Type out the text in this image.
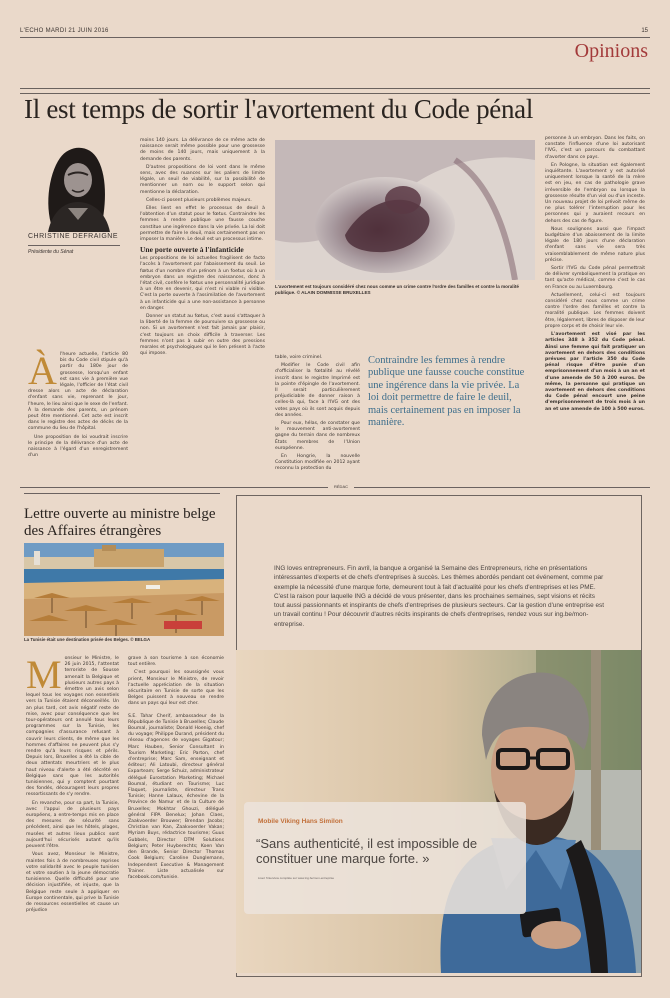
L'ECHO MARDI 21 JUIN 2016	15
Opinions
Il est temps de sortir l'avortement du Code pénal
CHRISTINE DEFRAIGNE
Présidente du Sénat
À l'heure actuelle, l'article 80 bis du Code civil stipule qu'à partir du 180e jour de grossesse, lorsqu'un enfant est sans vie à première vue légale, l'officier de l'état civil dresse alors un acte de déclaration d'enfant sans vie, reprenant le jour, l'heure, le lieu ainsi que le sexe de l'enfant. À la demande des parents, un prénom peut être mentionné. Cet acte est inscrit dans le registre des actes de décès de la commune du lieu de l'hôpital.

Une proposition de loi voudrait inscrire le principe de la délivrance d'un acte de naissance à l'égard d'un enregistrement d'un

moins 140 jours. La délivrance de ce même acte de naissance serait même possible pour une grossesse de moins de 140 jours, mais uniquement à la demande des parents.

D'autres propositions de loi vont dans le même sens, avec des nuances sur les paliers de limite légale, un seuil de viabilité, sur la possibilité de mentionner un nom ou le support selon qui mentionne la déclaration.

Celles-ci posent plusieurs problèmes majeurs.

Elles lient en effet le processus de deuil à l'obtention d'un statut pour le fœtus. Contraindre les femmes à rendre publique une fausse couche constitue une ingérence dans la vie privée. La loi doit permettre de faire le deuil, mais certainement pas en imposer la manière. Le deuil est un processus intime.

Une porte ouverte à l'infanticide

Les propositions de loi actuelles fragilisent de facto l'accès à l'avortement par l'abaissement du seuil. Le fœtus d'un nombre d'un prénom à un foetus où à un embryon dans un registre des naissances, donc à l'état civil, confère le fœtus une personnalité juridique à un être en devenir, qui n'est ni viable ni visible. C'est la porte ouverte à l'assimilation de l'avortement à un infanticide qui a une non-assistance à personne en danger.

Donner un statut au fœtus, c'est aussi s'attaquer à la liberté de la femme de poursuivre sa grossesse ou non. Si un avortement n'est fait jamais par plaisir, c'est toujours un choix difficile à traverser. Les femmes n'ont pas à subir en outre des pressions morales et psychologiques qui le lien présent à l'acte qui impose.

L'avortement est toujours considéré chez nous comme un crime contre l'ordre des familles et contre la moralité publique. © ALAIN DOMMISSE BRUXELLES

table, voire criminel.

Modifier le Code civil afin d'officialiser la fœtalité au révélé inscrit dans le registre Imprimé est la pointe d'épingle de l'avortement. Il serait particulièrement préjudiciable de donner raison à celles-là qui, face à l'IVG ont des votes pays où ils sont acquis depuis des années.

Pour eux, hélas, de constater que le mouvement anti-avortement gagne du terrain dans de nombreux États membres de l'Union européenne.

En Hongrie, la nouvelle Constitution modifiée en 2012 ayant reconnu la protection du

Contraindre les femmes à rendre publique une fausse couche constitue une ingérence dans la vie privée. La loi doit permettre de faire le deuil, mais certainement pas en imposer la manière.

personne à un embryon. Dans les faits, on constate l'influence d'une loi autorisant l'IVG, c'est un parcours du combattant d'avorter dans ce pays.

En Pologne, la situation est également inquiétante. L'avortement y est autorisé uniquement lorsque la santé de la mère est en jeu, en cas de pathologie grave irréversible de l'embryon ou lorsque la grossesse résulte d'un viol ou d'un inceste. Un nouveau projet de loi prévoit même de ne plus tolérer l'interruption pour les personnes qui y auraient recours en dehors des cas de figure.

Nous soulignons aussi que l'impact budgétaire d'un abaissement de la limite légale de 180 jours d'une déclaration d'enfant sans vie sera très vraisemblablement de même nature plus précise.

Sortir l'IVG du Code pénal permettrait de délivrer symboliquement la pratique en tant qu'acte médical, comme c'est le cas en France ou au Luxembourg.

Actuellement, celui-ci est toujours considéré chez nous comme un crime contre l'ordre des familles et contre la moralité publique. Les femmes doivent être, légalement, libres de disposer de leur propre corps et de choisir leur vie.

L'avortement est visé par les articles 348 à 352 du Code pénal. Ainsi une femme qui fait pratiquer un avortement en dehors des conditions prévues par l'article 350 du Code pénal risque d'être punie d'un emprisonnement d'un mois à un an et d'une amende de 50 à 200 euros. De même, la personne qui pratique un avortement en dehors des conditions du Code pénal encourt une peine d'emprisonnement de trois mois à un an et une amende de 100 à 500 euros.

RÉDAC
Lettre ouverte au ministre belge des Affaires étrangères
La Tunisie était une destination prisée des Belges. © BELGA
M onsieur le Ministre, le 26 juin 2015, l'attentat terroriste de Sousse amenait la Belgique et plusieurs autres pays à émettre un avis selon lequel tous les voyages non essentiels vers la Tunisie étaient déconseillés. Un an plus tard, cet avis négatif reste de mise, avec pour conséquence que les tour-opérateurs ont annulé tous leurs programmes sur la Tunisie, les compagnies d'assurance refusant à couvrir leurs clients, de même que les hommes d'affaires ne peuvent plus s'y rendre qu'à leurs risques et périls. Depuis lors, Bruxelles a été la cible de deux attentats meurtriers et le plus haut niveau d'alerte a été décrété en Belgique sans que les autorités tunisiennes, qui y comptent pourtant des fondés, découragent leurs propres ressortissants de s'y rendre.

En revanche, pour sa part, la Tunisie, avec l'appui de plusieurs pays européens, a entre-temps mis en place des mesures de sécurité sans précédent, ainsi que les hôtels, plages, musées et autres lieux publics sont aujourd'hui sécurisés autant qu'ils peuvent l'être.

Vous avez, Monsieur le Ministre, maintes fois à de nombreuses reprises votre solidarité avec le peuple tunisien et votre soutien à la jeune démocratie tunisienne. Quelle difficulté pour une décision injustifiée, et injuste, que la Belgique reste seule à appliquer en Europe continentale, qui prive la Tunisie de ressources essentielles et cause un préjudice

grave à son tourisme à son économie tout entière.

C'est pourquoi les soussignés vous prient, Monsieur le Ministre, de revoir l'actuelle appréciation de la situation sécuritaire en Tunisie de sorte que les Belges puissent à nouveau se rendre dans un pays qui leur est cher.

S.E. Tahar Cherif, ambassadeur de la République de Tunisie à Bruxelles; Claude Boumal, journaliste; Donald Hoenig, chef du voyage; Philippe Durand, président du réseau d'agences de voyages Gigatour; Marc Hauben, Senior Consultant in Tourism Marketing; Eric Parton, chef d'entreprise; Marc Sam, enseignant et éditeur; Ali Latoubi, directeur général Exparteam; Serge Schuiz, administrateur délégué Eurostation Marketing; Michael Boumal, étudiant en Tourisme; Luc Flaquet, journaliste, directeur Trans Tunisie; Hanne Lalaux, échevine de la Province de Namur et de la Culture de Bruxelles; Mokhtar Ghouzi, délégué général FIPA Benelux; Johan Claes, Zaakvoerder Brouwer; Brendan Jacobs; Christian van Kan, Zaakvoerder Vakan; Myriam Buys, rédactrice tourisme; Guus Gubbels, Director DTM Solutions Belgium; Peter Huyberechts; Koen Van den Brande, Senior Director Thomas Cook Belgium; Caroline Dunglemann, Independent Executive & Management Trainer. Liste actualisée sur facebook.com/tunisie.

ING loves entrepreneurs. Fin avril, la banque a organisé la Semaine des Entrepreneurs, riche en présentations intéressantes d'experts et de chefs d'entreprises à succès. Les thèmes abordés pendant cet événement, comme par exemple la nécessité d'une marque forte, demeurent tout à fait d'actualité pour les chefs d'entreprises et les PME. C'est la raison pour laquelle ING a décidé de vous présenter, dans les prochaines semaines, sept visions et récits tout aussi passionnants et inspirants de chefs d'entreprises de plusieurs secteurs. Car la gestion d'une entreprise est un travail continu ! Pour découvrir d'autres récits inspirants de chefs d'entreprises, rendez vous sur ing.be/mon-entreprise.
Mobile Viking Hans Similon
“Sans authenticité, il est impossible de constituer une marque forte. »
Lisez l'interview complète sur www.ing.be/mon-entreprise
